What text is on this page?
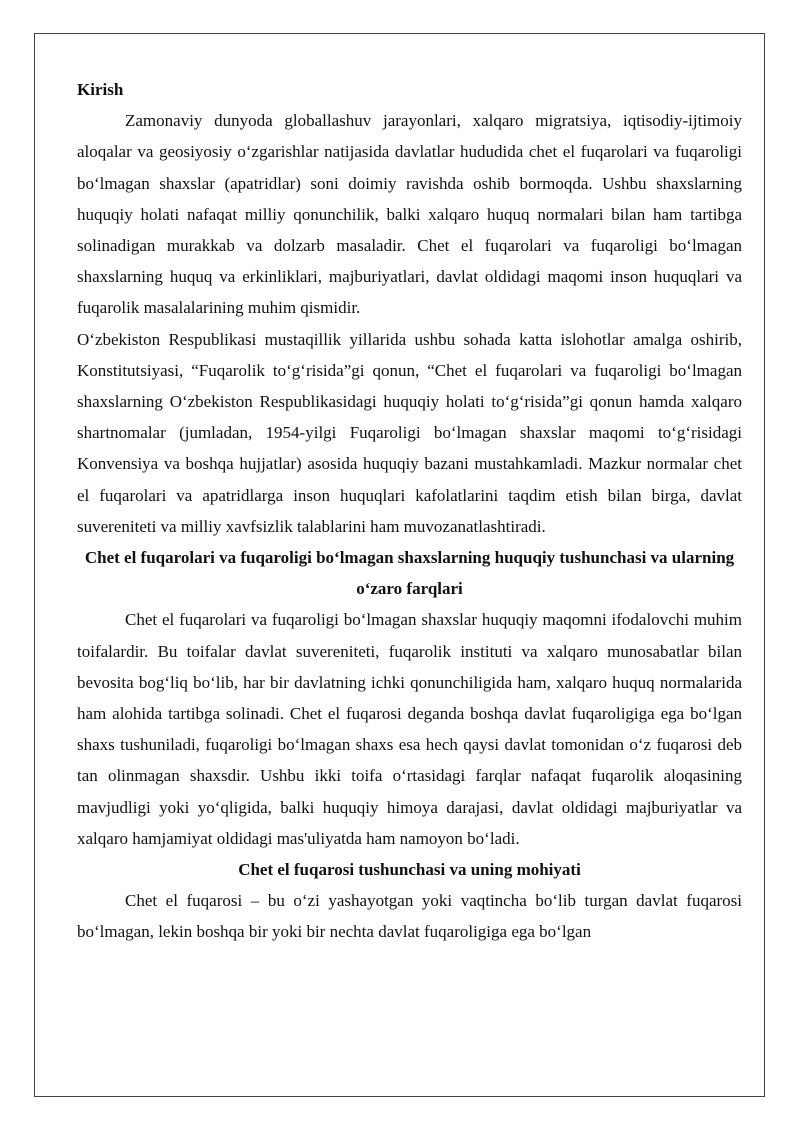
Kirish

Zamonaviy dunyoda globallashuv jarayonlari, xalqaro migratsiya, iqtisodiy-ijtimoiy aloqalar va geosiyosiy o‘zgarishlar natijasida davlatlar hududida chet el fuqarolari va fuqaroligi bo‘lmagan shaxslar (apatridlar) soni doimiy ravishda oshib bormoqda. Ushbu shaxslarning huquqiy holati nafaqat milliy qonunchilik, balki xalqaro huquq normalari bilan ham tartibga solinadigan murakkab va dolzarb masaladir. Chet el fuqarolari va fuqaroligi bo‘lmagan shaxslarning huquq va erkinliklari, majburiyatlari, davlat oldidagi maqomi inson huquqlari va fuqarolik masalalarining muhim qismidir.

O‘zbekiston Respublikasi mustaqillik yillarida ushbu sohada katta islohotlar amalga oshirib, Konstitutsiyasi, “Fuqarolik to‘g‘risida”gi qonun, “Chet el fuqarolari va fuqaroligi bo‘lmagan shaxslarning O‘zbekiston Respublikasidagi huquqiy holati to‘g‘risida”gi qonun hamda xalqaro shartnomalar (jumladan, 1954-yilgi Fuqaroligi bo‘lmagan shaxslar maqomi to‘g‘risidagi Konvensiya va boshqa hujjatlar) asosida huquqiy bazani mustahkamladi. Mazkur normalar chet el fuqarolari va apatridlarga inson huquqlari kafolatlarini taqdim etish bilan birga, davlat suvereniteti va milliy xavfsizlik talablarini ham muvozanatlashtiradi.

Chet el fuqarolari va fuqaroligi bo‘lmagan shaxslarning huquqiy tushunchasi va ularning o‘zaro farqlari

Chet el fuqarolari va fuqaroligi bo‘lmagan shaxslar huquqiy maqomni ifodalovchi muhim toifalardir. Bu toifalar davlat suvereniteti, fuqarolik instituti va xalqaro munosabatlar bilan bevosita bog‘liq bo‘lib, har bir davlatning ichki qonunchiligida ham, xalqaro huquq normalarida ham alohida tartibga solinadi. Chet el fuqarosi deganda boshqa davlat fuqaroligiga ega bo‘lgan shaxs tushuniladi, fuqaroligi bo‘lmagan shaxs esa hech qaysi davlat tomonidan o‘z fuqarosi deb tan olinmagan shaxsdir. Ushbu ikki toifa o‘rtasidagi farqlar nafaqat fuqarolik aloqasining mavjudligi yoki yo‘qligida, balki huquqiy himoya darajasi, davlat oldidagi majburiyatlar va xalqaro hamjamiyat oldidagi mas'uliyatda ham namoyon bo‘ladi.

Chet el fuqarosi tushunchasi va uning mohiyati

Chet el fuqarosi – bu o‘zi yashayotgan yoki vaqtincha bo‘lib turgan davlat fuqarosi bo‘lmagan, lekin boshqa bir yoki bir nechta davlat fuqaroligiga ega bo‘lgan
